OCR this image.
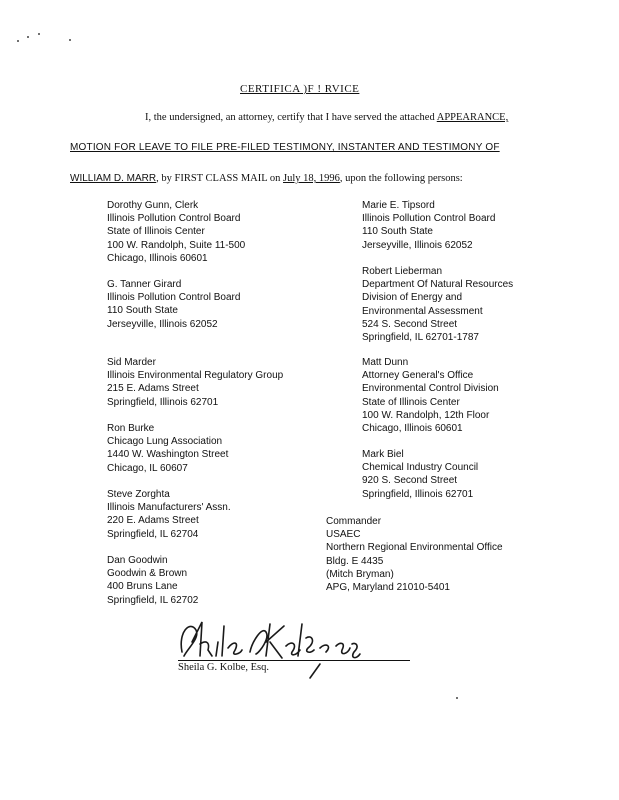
CERTIFICA )F ! RVICE
I, the undersigned, an attorney, certify that I have served the attached APPEARANCE,
MOTION FOR LEAVE TO FILE PRE-FILED TESTIMONY, INSTANTER AND TESTIMONY OF
WILLIAM D. MARR, by FIRST CLASS MAIL on July 18, 1996, upon the following persons:
Dorothy Gunn, Clerk
Illinois Pollution Control Board
State of Illinois Center
100 W. Randolph, Suite 11-500
Chicago, Illinois 60601
G. Tanner Girard
Illinois Pollution Control Board
110 South State
Jerseyville, Illinois 62052
Sid Marder
Illinois Environmental Regulatory Group
215 E. Adams Street
Springfield, Illinois 62701
Ron Burke
Chicago Lung Association
1440 W. Washington Street
Chicago, IL 60607
Steve Zorghta
Illinois Manufacturers' Assn.
220 E. Adams Street
Springfield, IL 62704
Dan Goodwin
Goodwin & Brown
400 Bruns Lane
Springfield, IL 62702
Marie E. Tipsord
Illinois Pollution Control Board
110 South State
Jerseyville, Illinois 62052
Robert Lieberman
Department Of Natural Resources
Division of Energy and
Environmental Assessment
524 S. Second Street
Springfield, IL 62701-1787
Matt Dunn
Attorney General's Office
Environmental Control Division
State of Illinois Center
100 W. Randolph, 12th Floor
Chicago, Illinois 60601
Mark Biel
Chemical Industry Council
920 S. Second Street
Springfield, Illinois 62701
Commander
USAEC
Northern Regional Environmental Office
Bldg. E 4435
(Mitch Bryman)
APG, Maryland 21010-5401
Sheila G. Kolbe, Esq.
